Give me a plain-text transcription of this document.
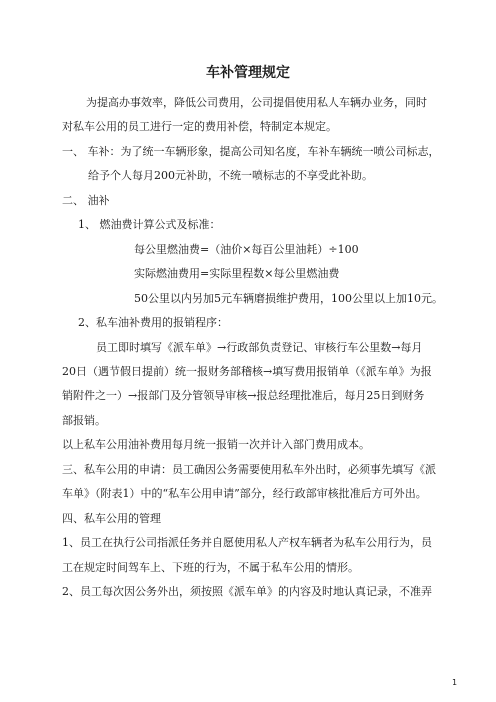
车补管理规定
为提高办事效率，降低公司费用，公司提倡使用私人车辆办业务，同时
对私车公用的员工进行一定的费用补偿，特制定本规定。
一、 车补：为了统一车辆形象，提高公司知名度，车补车辆统一喷公司标志，
给予个人每月200元补助，不统一喷标志的不享受此补助。
二、 油补
1、 燃油费计算公式及标准：
每公里燃油费=（油价×每百公里油耗）÷100
实际燃油费用=实际里程数×每公里燃油费
50公里以内另加5元车辆磨损维护费用，100公里以上加10元。
2、私车油补费用的报销程序：
员工即时填写《派车单》→行政部负责登记、审核行车公里数→每月
20日（遇节假日提前）统一报财务部稽核→填写费用报销单（《派车单》为报
销附件之一）→报部门及分管领导审核→报总经理批准后，每月25日到财务
部报销。
以上私车公用油补费用每月统一报销一次并计入部门费用成本。
三、私车公用的申请：员工确因公务需要使用私车外出时，必须事先填写《派
车单》（附表1）中的“私车公用申请”部分，经行政部审核批准后方可外出。
四、私车公用的管理
1、员工在执行公司指派任务并自愿使用私人产权车辆者为私车公用行为，员
工在规定时间驾车上、下班的行为，不属于私车公用的情形。
2、员工每次因公务外出，须按照《派车单》的内容及时地认真记录，不准弄
1
